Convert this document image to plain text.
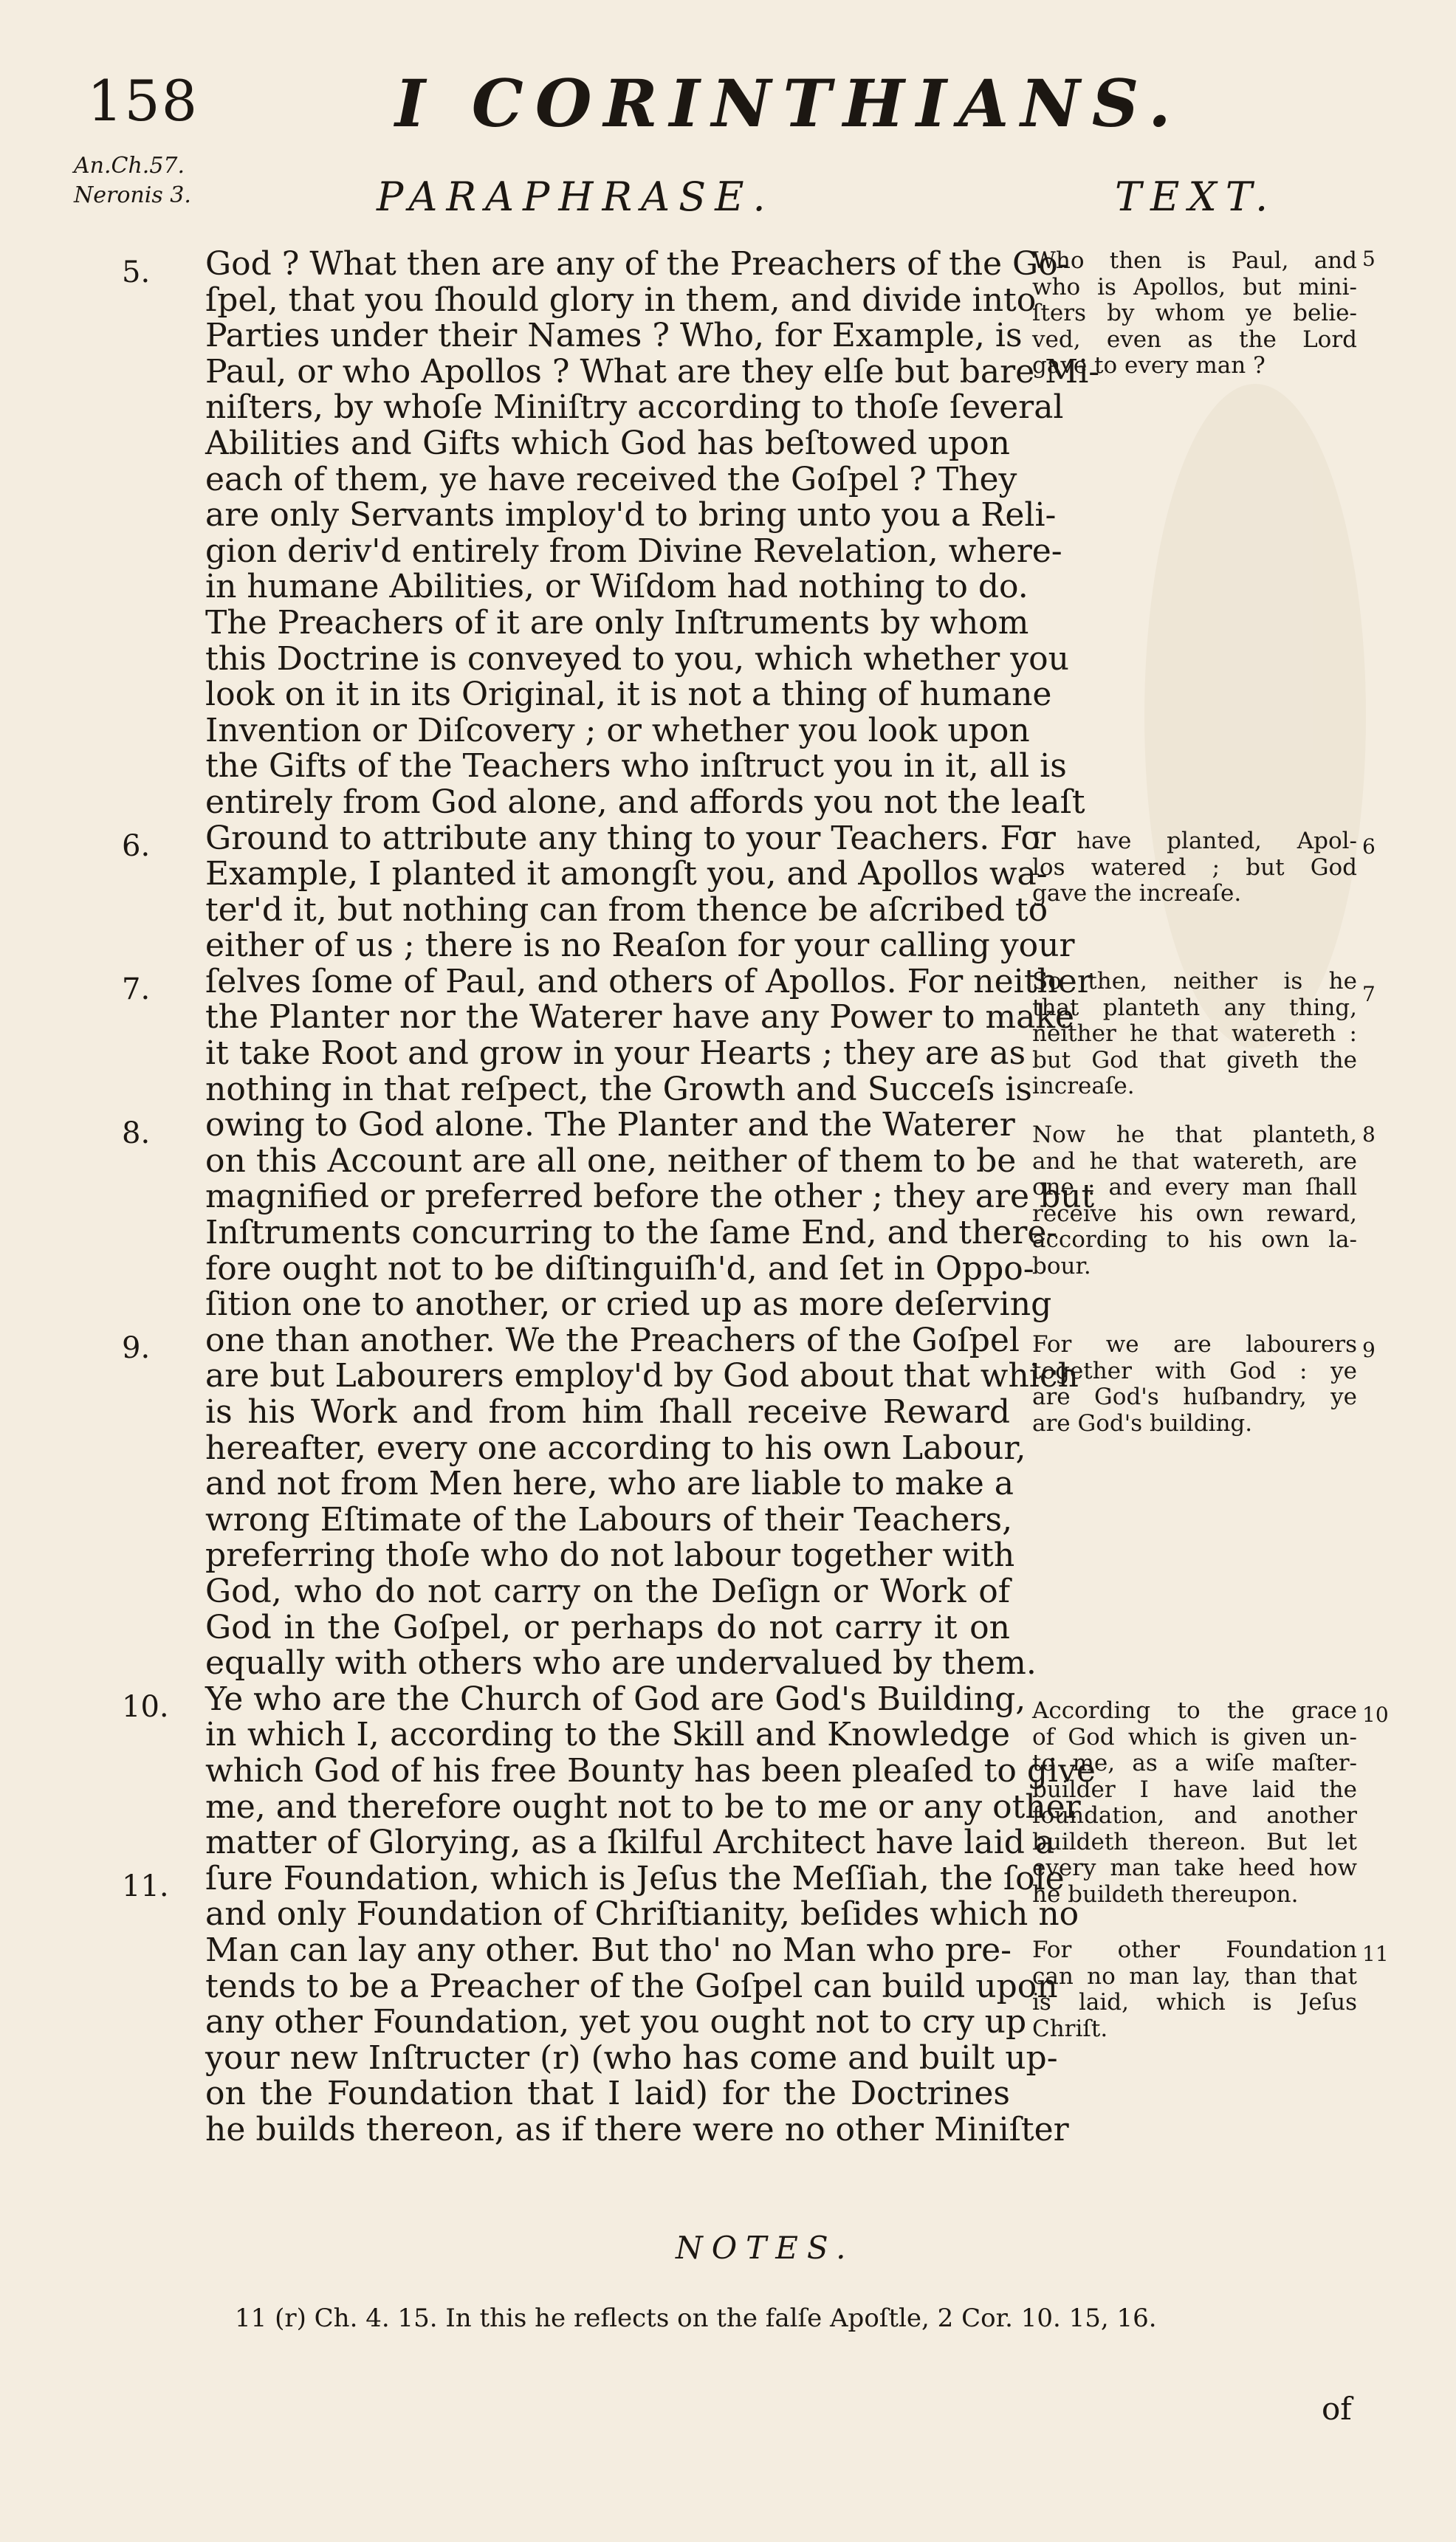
158	I CORINTHIANS.
An.Ch.57.
Neronis 3.	PARAPHRASE.	TEXT.
God ? What then are any of the Preachers of the Go-
ſpel, that you ſhould glory in them, and divide into
Parties under their Names ? Who, for Example, is
Paul, or who Apollos ? What are they elſe but bare Mi-
niſters, by whoſe Miniſtry according to thoſe ſeveral
Abilities and Gifts which God has beſtowed upon
each of them, ye have received the Goſpel ? They
are only Servants imploy'd to bring unto you a Reli-
gion deriv'd entirely from Divine Revelation, where-
in humane Abilities, or Wiſdom had nothing to do.
The Preachers of it are only Inſtruments by whom
this Doctrine is conveyed to you, which whether you
look on it in its Original, it is not a thing of humane
Invention or Diſcovery ; or whether you look upon
the Gifts of the Teachers who inſtruct you in it, all is
entirely from God alone, and affords you not the leaſt
Ground to attribute any thing to your Teachers. For
Example, I planted it amongſt you, and Apollos wa-
ter'd it, but nothing can from thence be aſcribed to
either of us ; there is no Reaſon for your calling your
ſelves ſome of Paul, and others of Apollos. For neither
the Planter nor the Waterer have any Power to make
it take Root and grow in your Hearts ; they are as
nothing in that reſpect, the Growth and Succeſs is
owing to God alone. The Planter and the Waterer
on this Account are all one, neither of them to be
magnified or preferred before the other ; they are but
Inſtruments concurring to the ſame End, and there-
fore ought not to be diſtinguiſh'd, and ſet in Oppo-
ſition one to another, or cried up as more deſerving
one than another. We the Preachers of the Goſpel
are but Labourers employ'd by God about that which
is his Work and from him ſhall receive Reward
hereafter, every one according to his own Labour,
and not from Men here, who are liable to make a
wrong Eſtimate of the Labours of their Teachers,
preferring thoſe who do not labour together with
God, who do not carry on the Deſign or Work of
God in the Goſpel, or perhaps do not carry it on
equally with others who are undervalued by them.
Ye who are the Church of God are God's Building,
in which I, according to the Skill and Knowledge
which God of his free Bounty has been pleaſed to give
me, and therefore ought not to be to me or any other
matter of Glorying, as a ſkilful Architect have laid a
ſure Foundation, which is Jeſus the Meſſiah, the ſole
and only Foundation of Chriſtianity, beſides which no
Man can lay any other. But tho' no Man who pre-
tends to be a Preacher of the Goſpel can build upon
any other Foundation, yet you ought not to cry up
your new Inſtructer (r) (who has come and built up-
on the Foundation that I laid) for the Doctrines
he builds thereon, as if there were no other Miniſter
5.
6.
7.
8.
9.
10.
11.
Who then is Paul, and
who is Apollos, but mini-
ſters by whom ye belie-
ved, even as the Lord
gave to every man ?
I have planted, Apol-
los watered ; but God
gave the increaſe.
So then, neither is he
that planteth any thing,
neither he that watereth :
but God that giveth the
increaſe.
Now he that planteth,
and he that watereth, are
one : and every man ſhall
receive his own reward,
according to his own la-
bour.
For we are labourers
together with God : ye
are God's huſbandry, ye
are God's building.
According to the grace
of God which is given un-
to me, as a wiſe maſter-
builder I have laid the
foundation, and another
buildeth thereon. But let
every man take heed how
he buildeth thereupon.
For other Foundation
can no man lay, than that
is laid, which is Jeſus
Chriſt.
5
6
7
8
9
10
11
NOTES.
11 (r) Ch. 4. 15. In this he reflects on the falſe Apoſtle, 2 Cor. 10. 15, 16.
of
